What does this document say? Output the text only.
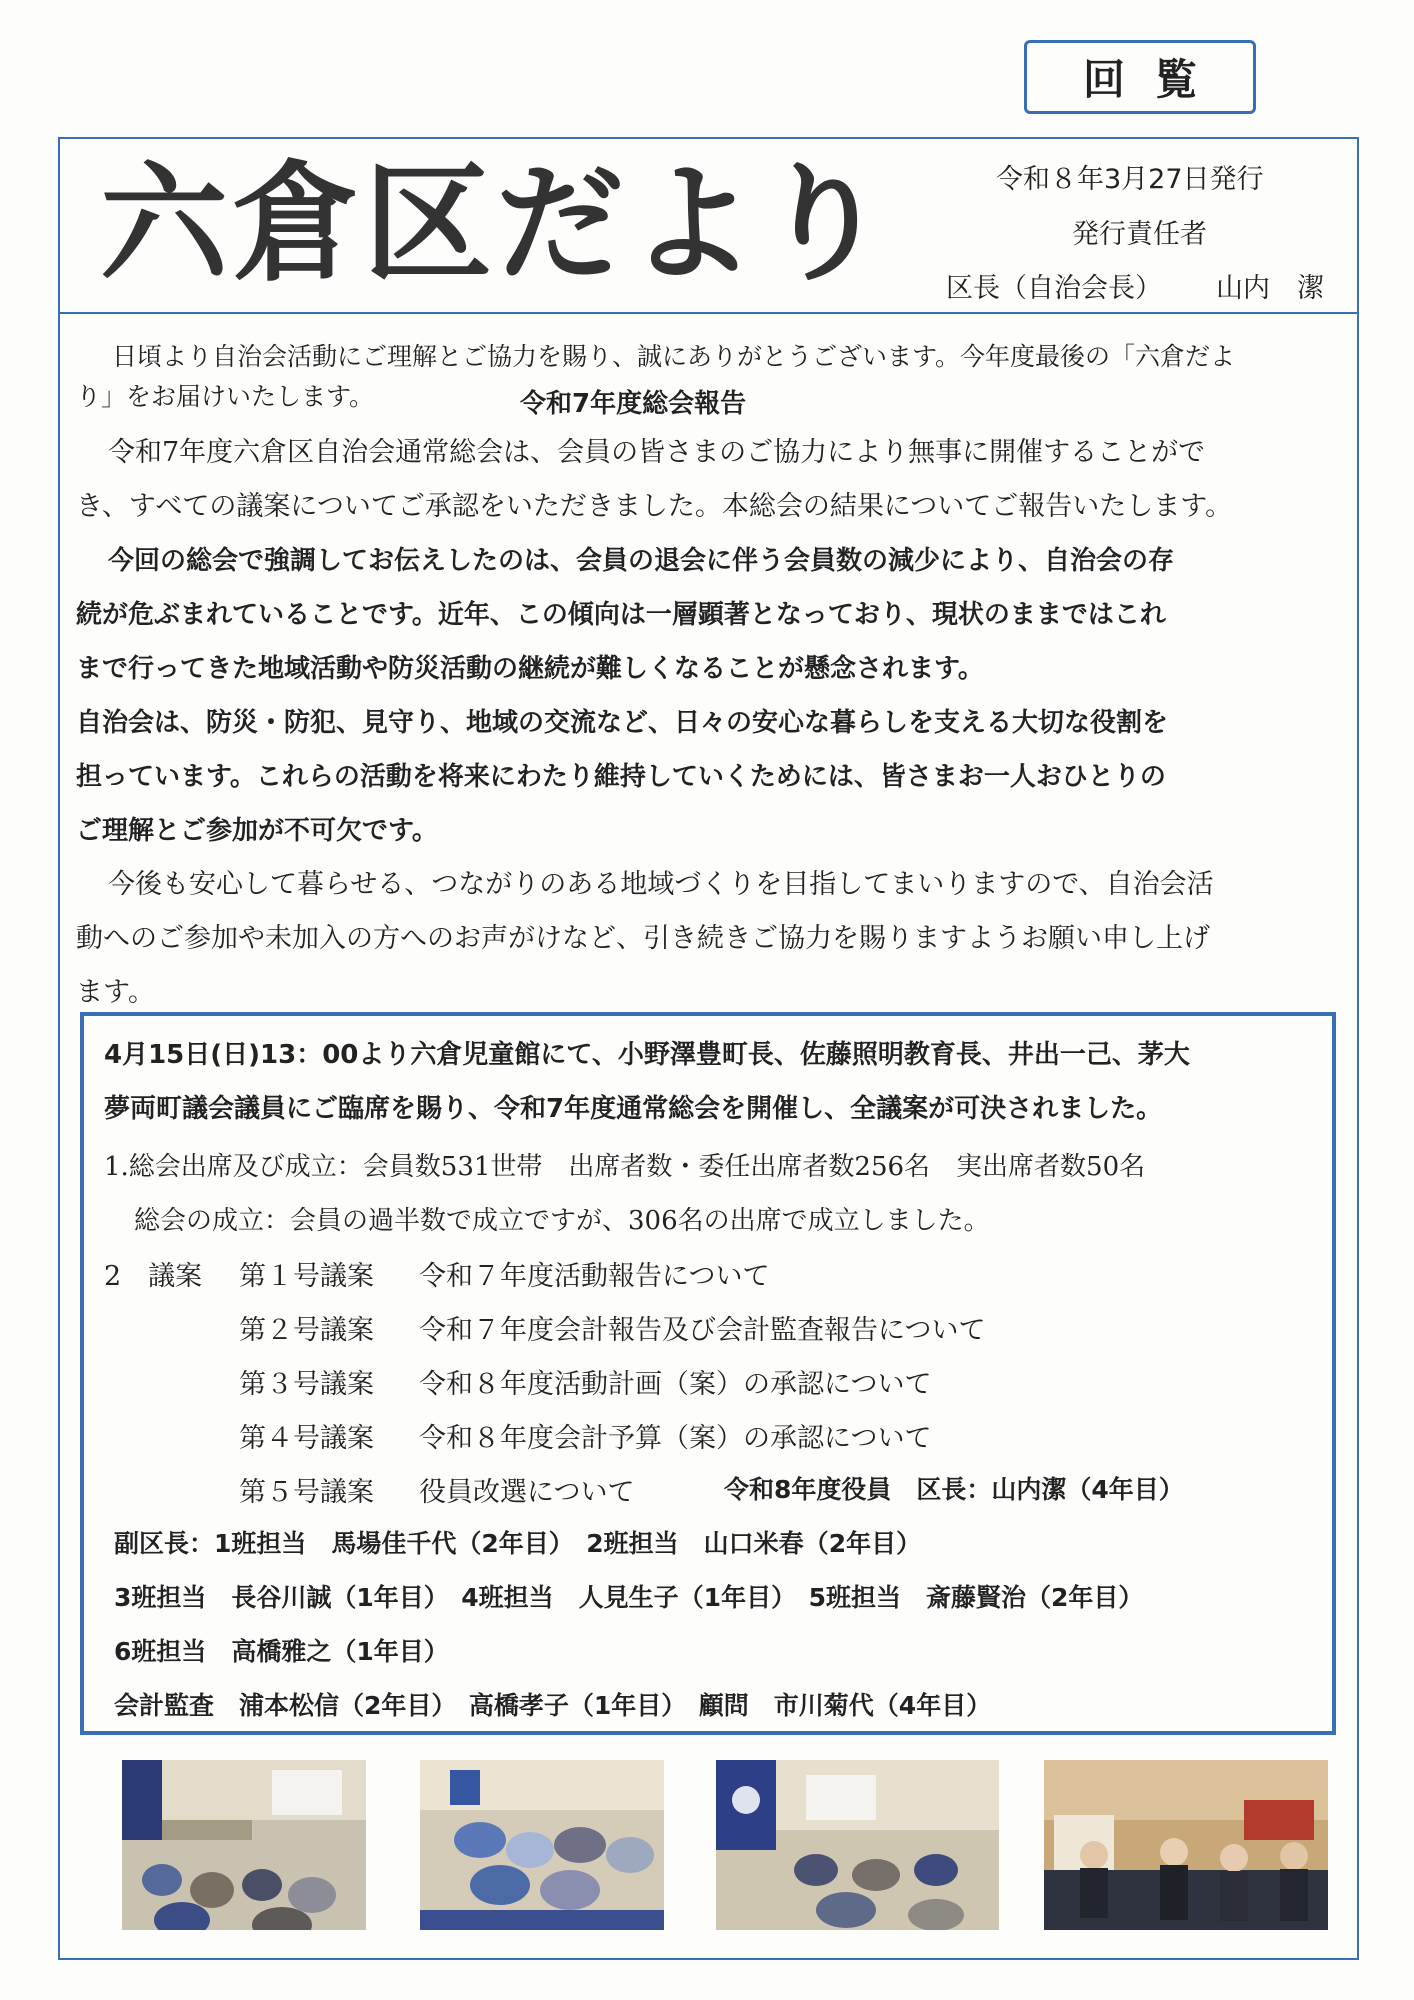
回覧
六倉区だより	令和８年3月27日発行
発行責任者
区長（自治会長） 山内　潔
日頃より自治会活動にご理解とご協力を賜り、誠にありがとうございます。今年度最後の「六倉だよ
り」をお届けいたします。	令和7年度総会報告
令和7年度六倉区自治会通常総会は、会員の皆さまのご協力により無事に開催することがで
き、すべての議案についてご承認をいただきました。本総会の結果についてご報告いたします。
今回の総会で強調してお伝えしたのは、会員の退会に伴う会員数の減少により、自治会の存
続が危ぶまれていることです。近年、この傾向は一層顕著となっており、現状のままではこれ
まで行ってきた地域活動や防災活動の継続が難しくなることが懸念されます。
自治会は、防災・防犯、見守り、地域の交流など、日々の安心な暮らしを支える大切な役割を
担っています。これらの活動を将来にわたり維持していくためには、皆さまお一人おひとりの
ご理解とご参加が不可欠です。
今後も安心して暮らせる、つながりのある地域づくりを目指してまいりますので、自治会活
動へのご参加や未加入の方へのお声がけなど、引き続きご協力を賜りますようお願い申し上げ
ます。
4月15日(日)13：00より六倉児童館にて、小野澤豊町長、佐藤照明教育長、井出一己、茅大
夢両町議会議員にご臨席を賜り、令和7年度通常総会を開催し、全議案が可決されました。
1.総会出席及び成立：会員数531世帯　出席者数・委任出席者数256名　実出席者数50名
総会の成立：会員の過半数で成立ですが、306名の出席で成立しました。
2　議案 第１号議案 令和７年度活動報告について
第２号議案 令和７年度会計報告及び会計監査報告について
第３号議案 令和８年度活動計画（案）の承認について
第４号議案 令和８年度会計予算（案）の承認について
第５号議案 役員改選について	令和8年度役員　区長：山内潔（4年目）
副区長：1班担当　馬場佳千代（2年目）　2班担当　山口米春（2年目）
3班担当　長谷川誠（1年目）　4班担当　人見生子（1年目）　5班担当　斎藤賢治（2年目）
6班担当　高橋雅之（1年目）
会計監査　浦本松信（2年目）　高橋孝子（1年目）　顧問　市川菊代（4年目）
